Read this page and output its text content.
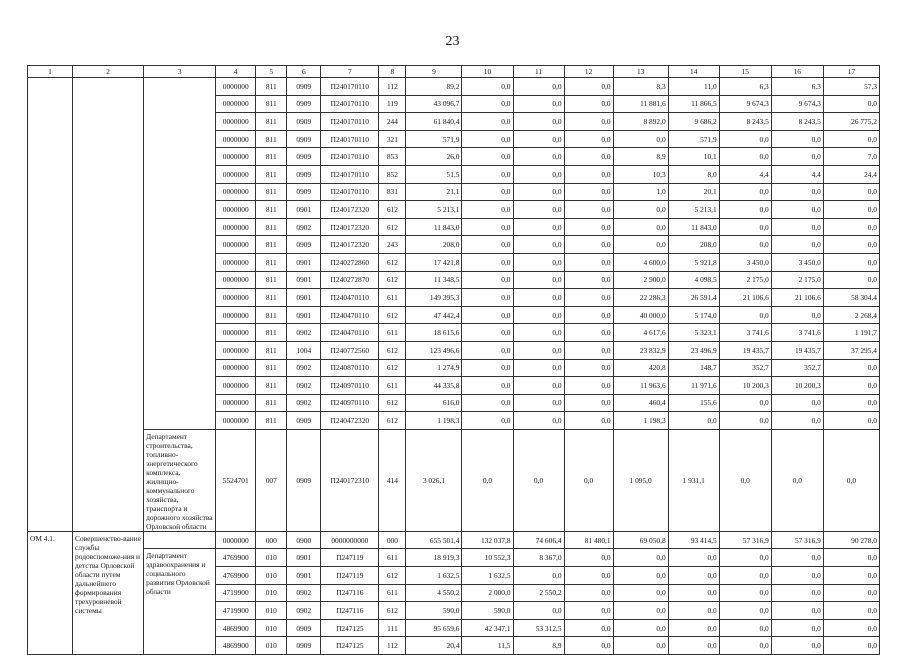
23
1	2	3	4	5	6	7	8	9	10	11	12	13	14	15	16	17
			0000000	811	0909	П240170110	112	89,2	0,0	0,0	0,0	8,3	11,0	6,3	6,3	57,3
			0000000	811	0909	П240170110	119	43 096,7	0,0	0,0	0,0	11 881,6	11 866,5	9 674,3	9 674,3	0,0
			0000000	811	0909	П240170110	244	61 840,4	0,0	0,0	0,0	8 892,0	9 686,2	8 243,5	8 243,5	26 775,2
			0000000	811	0909	П240170110	321	571,9	0,0	0,0	0,0	0,0	571,9	0,0	0,0	0,0
			0000000	811	0909	П240170110	853	26,0	0,0	0,0	0,0	8,9	10,1	0,0	0,0	7,0
			0000000	811	0909	П240170110	852	51,5	0,0	0,0	0,0	10,3	8,0	4,4	4,4	24,4
			0000000	811	0909	П240170110	831	21,1	0,0	0,0	0,0	1,0	20,1	0,0	0,0	0,0
			0000000	811	0901	П240172320	612	5 213,1	0,0	0,0	0,0	0,0	5 213,1	0,0	0,0	0,0
			0000000	811	0902	П240172320	612	11 843,0	0,0	0,0	0,0	0,0	11 843,0	0,0	0,0	0,0
			0000000	811	0909	П240172320	243	208,0	0,0	0,0	0,0	0,0	208,0	0,0	0,0	0,0
			0000000	811	0901	П240272860	612	17 421,8	0,0	0,0	0,0	4 600,0	5 921,8	3 450,0	3 450,0	0,0
			0000000	811	0901	П240272870	612	11 348,5	0,0	0,0	0,0	2 900,0	4 098,5	2 175,0	2 175,0	0,0
			0000000	811	0901	П240470110	611	149 395,3	0,0	0,0	0,0	22 286,3	26 591,4	21 106,6	21 106,6	58 304,4
			0000000	811	0901	П240470110	612	47 442,4	0,0	0,0	0,0	40 000,0	5 174,0	0,0	0,0	2 268,4
			0000000	811	0902	П240470110	611	18 615,6	0,0	0,0	0,0	4 617,6	5 323,1	3 741,6	3 741,6	1 191,7
			0000000	811	1004	П240772560	612	123 496,6	0,0	0,0	0,0	23 832,9	23 496,9	19 435,7	19 435,7	37 295,4
			0000000	811	0902	П240870110	612	1 274,9	0,0	0,0	0,0	420,8	148,7	352,7	352,7	0,0
			0000000	811	0902	П240970110	611	44 335,8	0,0	0,0	0,0	11 963,6	11 971,6	10 200,3	10 200,3	0,0
			0000000	811	0902	П240970110	612	616,0	0,0	0,0	0,0	460,4	155,6	0,0	0,0	0,0
			0000000	811	0909	П240472320	612	1 198,3	0,0	0,0	0,0	1 198,3	0,0	0,0	0,0	0,0
		Департамент строительства, топливно-энергетического комплекса, жилищно-коммунального хозяйства, транспорта и дорожного хозяйства Орловской области	5524701	007	0909	П240172310	414	3 026,1	0,0	0,0	0,0	1 095,0	1 931,1	0,0	0,0	0,0
ОМ 4.1.	Совершенство-вание службы родовспоможе-ния и детства Орловской области путем дальнейшего формирования трехуровневой системы		0000000	000	0900	0000000000	000	655 501,4	132 037,8	74 606,4	81 480,1	69 050,8	93 414,5	57 316,9	57 316,9	90 278,0
		Департамент здравоохранения и социального развития Орловской области	4769900	010	0901	П247119	611	18 919,3	10 552,3	8 367,0	0,0	0,0	0,0	0,0	0,0	0,0
			4769900	010	0901	П247119	612	1 632,5	1 632,5	0,0	0,0	0,0	0,0	0,0	0,0	0,0
			4719900	010	0902	П247116	611	4 550,2	2 000,0	2 550,2	0,0	0,0	0,0	0,0	0,0	0,0
			4719900	010	0902	П247116	612	590,0	590,0	0,0	0,0	0,0	0,0	0,0	0,0	0,0
			4869900	010	0909	П247125	111	95 659,6	42 347,1	53 312,5	0,0	0,0	0,0	0,0	0,0	0,0
			4869900	010	0909	П247125	112	20,4	11,5	8,9	0,0	0,0	0,0	0,0	0,0	0,0
